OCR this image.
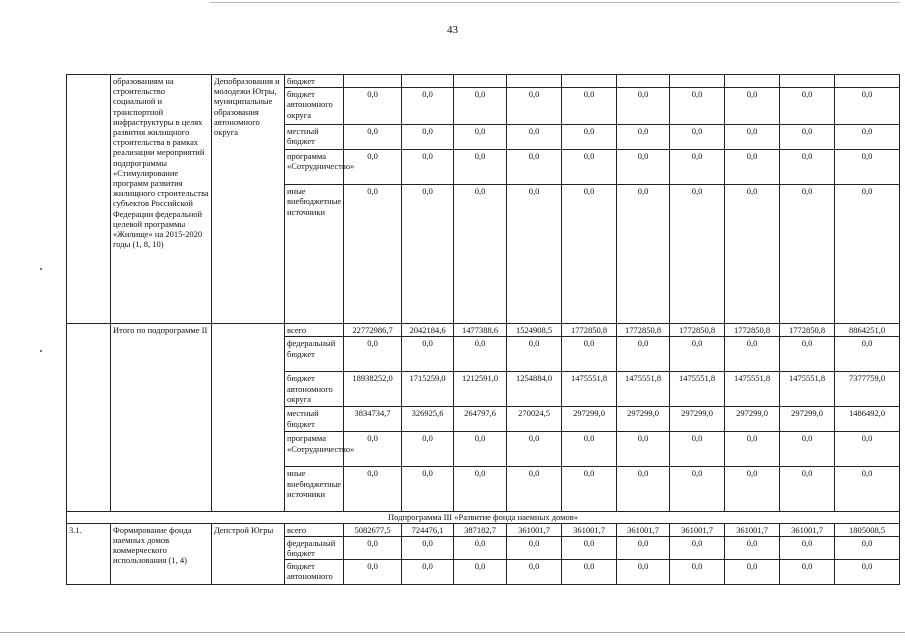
43
	образованиям на строительство социальной и транспортной инфраструктуры в целях развития жилищного строительства в рамках реализации мероприятий подпрограммы «Стимулирование программ развития жилищного строительства субъектов Российской Федерации федеральной целевой программы «Жилище» на 2015-2020 годы (1, 8, 10)	Депобразования и молодежи Югры, муниципальные образования автономного округа	бюджет										
			бюджет автономного округа	0,0	0,0	0,0	0,0	0,0	0,0	0,0	0,0	0,0	0,0
			местный бюджет	0,0	0,0	0,0	0,0	0,0	0,0	0,0	0,0	0,0	0,0
			программа «Сотрудничество»	0,0	0,0	0,0	0,0	0,0	0,0	0,0	0,0	0,0	0,0
			иные внебюджетные источники	0,0	0,0	0,0	0,0	0,0	0,0	0,0	0,0	0,0	0,0
	Итого по подпрограмме II		всего	22772986,7	2042184,6	1477388,6	1524908,5	1772850,8	1772850,8	1772850,8	1772850,8	1772850,8	8864251,0
			федеральный бюджет	0,0	0,0	0,0	0,0	0,0	0,0	0,0	0,0	0,0	0,0
			бюджет автономного округа	18938252,0	1715259,0	1212591,0	1254884,0	1475551,8	1475551,8	1475551,8	1475551,8	1475551,8	7377759,0
			местный бюджет	3834734,7	326925,6	264797,6	270024,5	297299,0	297299,0	297299,0	297299,0	297299,0	1486492,0
			программа «Сотрудничество»	0,0	0,0	0,0	0,0	0,0	0,0	0,0	0,0	0,0	0,0
			иные внебюджетные источники	0,0	0,0	0,0	0,0	0,0	0,0	0,0	0,0	0,0	0,0
Подпрограмма III «Развитие фонда наемных домов»													
3.1.	Формирование фонда наемных домов коммерческого использования (1, 4)	Депстрой Югры	всего	5082677,5	724476,1	387182,7	361001,7	361001,7	361001,7	361001,7	361001,7	361001,7	1805008,5
			федеральный бюджет	0,0	0,0	0,0	0,0	0,0	0,0	0,0	0,0	0,0	0,0
			бюджет автономного	0,0	0,0	0,0	0,0	0,0	0,0	0,0	0,0	0,0	0,0
